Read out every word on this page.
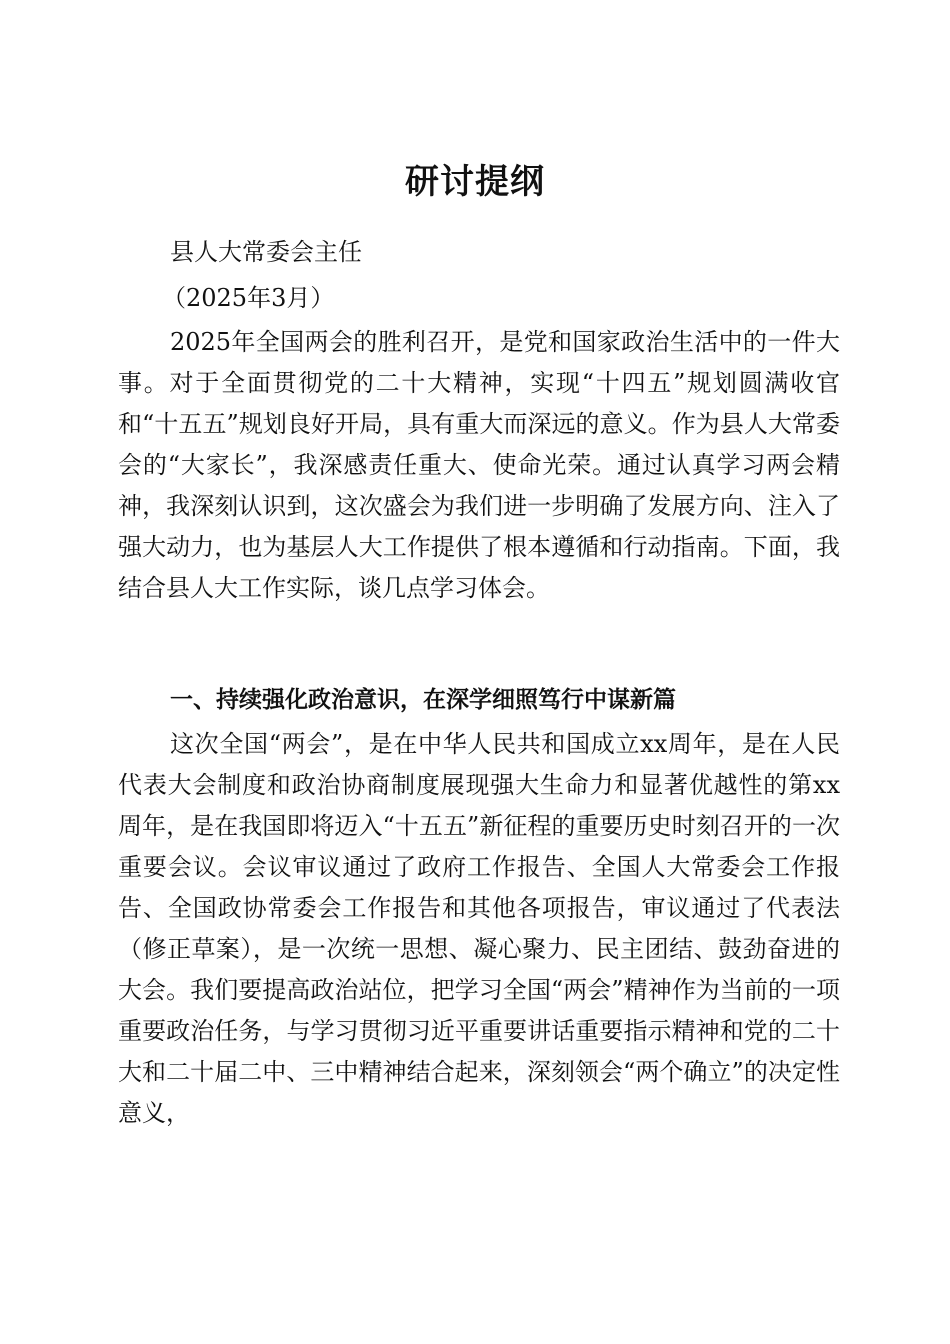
研讨提纲

县人大常委会主任

（2025年3月）

2025年全国两会的胜利召开，是党和国家政治生活中的一件大事。对于全面贯彻党的二十大精神，实现“十四五”规划圆满收官和“十五五”规划良好开局，具有重大而深远的意义。作为县人大常委会的“大家长”，我深感责任重大、使命光荣。通过认真学习两会精神，我深刻认识到，这次盛会为我们进一步明确了发展方向、注入了强大动力，也为基层人大工作提供了根本遵循和行动指南。下面，我结合县人大工作实际，谈几点学习体会。

一、持续强化政治意识，在深学细照笃行中谋新篇

这次全国“两会”，是在中华人民共和国成立xx周年，是在人民代表大会制度和政治协商制度展现强大生命力和显著优越性的第xx周年，是在我国即将迈入“十五五”新征程的重要历史时刻召开的一次重要会议。会议审议通过了政府工作报告、全国人大常委会工作报告、全国政协常委会工作报告和其他各项报告，审议通过了代表法（修正草案），是一次统一思想、凝心聚力、民主团结、鼓劲奋进的大会。我们要提高政治站位，把学习全国“两会”精神作为当前的一项重要政治任务，与学习贯彻习近平重要讲话重要指示精神和党的二十大和二十届二中、三中精神结合起来，深刻领会“两个确立”的决定性意义，
